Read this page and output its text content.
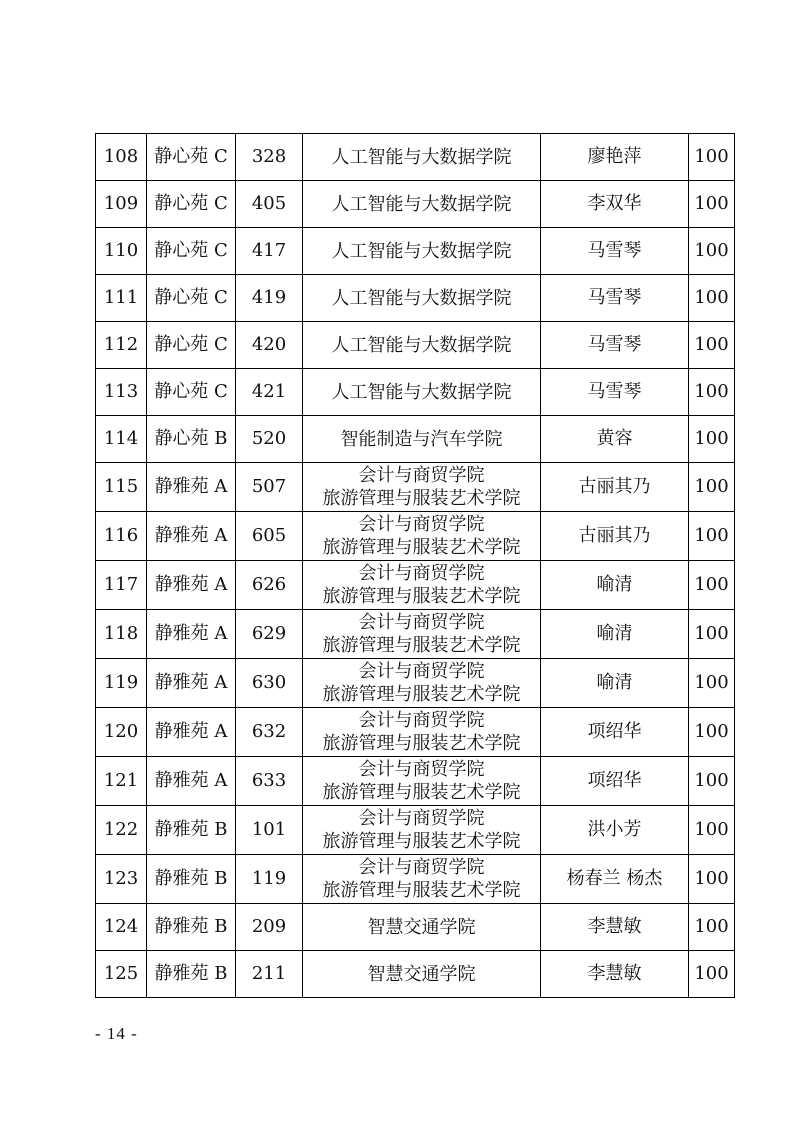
108	静心苑 C	328	人工智能与大数据学院	廖艳萍	100
109	静心苑 C	405	人工智能与大数据学院	李双华	100
110	静心苑 C	417	人工智能与大数据学院	马雪琴	100
111	静心苑 C	419	人工智能与大数据学院	马雪琴	100
112	静心苑 C	420	人工智能与大数据学院	马雪琴	100
113	静心苑 C	421	人工智能与大数据学院	马雪琴	100
114	静心苑 B	520	智能制造与汽车学院	黄容	100
115	静雅苑 A	507	会计与商贸学院
旅游管理与服装艺术学院	古丽其乃	100
116	静雅苑 A	605	会计与商贸学院
旅游管理与服装艺术学院	古丽其乃	100
117	静雅苑 A	626	会计与商贸学院
旅游管理与服装艺术学院	喻清	100
118	静雅苑 A	629	会计与商贸学院
旅游管理与服装艺术学院	喻清	100
119	静雅苑 A	630	会计与商贸学院
旅游管理与服装艺术学院	喻清	100
120	静雅苑 A	632	会计与商贸学院
旅游管理与服装艺术学院	项绍华	100
121	静雅苑 A	633	会计与商贸学院
旅游管理与服装艺术学院	项绍华	100
122	静雅苑 B	101	会计与商贸学院
旅游管理与服装艺术学院	洪小芳	100
123	静雅苑 B	119	会计与商贸学院
旅游管理与服装艺术学院	杨春兰 杨杰	100
124	静雅苑 B	209	智慧交通学院	李慧敏	100
125	静雅苑 B	211	智慧交通学院	李慧敏	100
- 14 -
